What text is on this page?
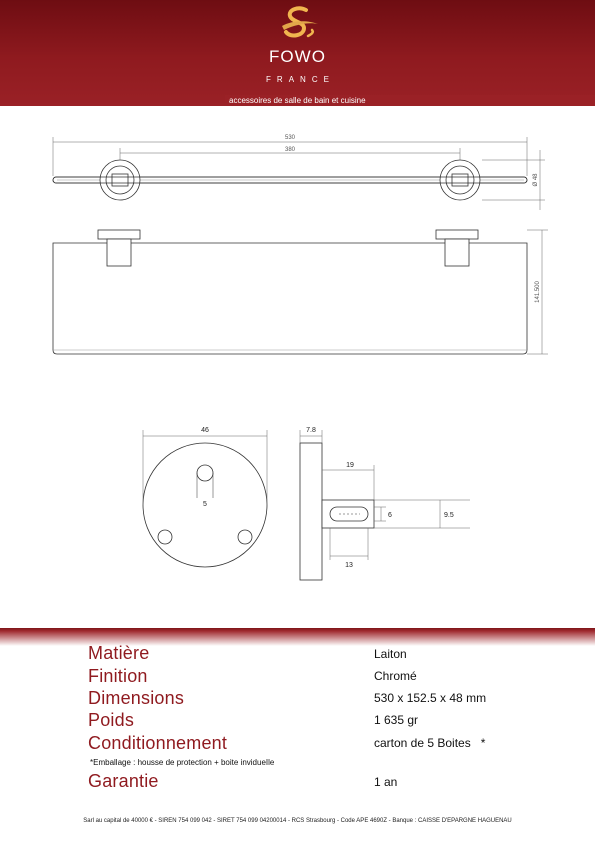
FOWO
FRANCE
accessoires de salle de bain et cuisine
530
380
Ø 48
141.500
46
5
7.8
19
6	9.5
13
Matière	Laiton
Finition	Chromé
Dimensions	530 x 152.5 x 48 mm
Poids	1 635 gr
Conditionnement	carton de 5 Boites   *
*Emballage : housse de protection + boite invidueIle
Garantie	1 an
Sarl au capital de 40000 € - SIREN 754 099 042 - SIRET 754 099 04200014 - RCS Strasbourg - Code APE 4690Z - Banque : CAISSE D'EPARGNE HAGUENAU
